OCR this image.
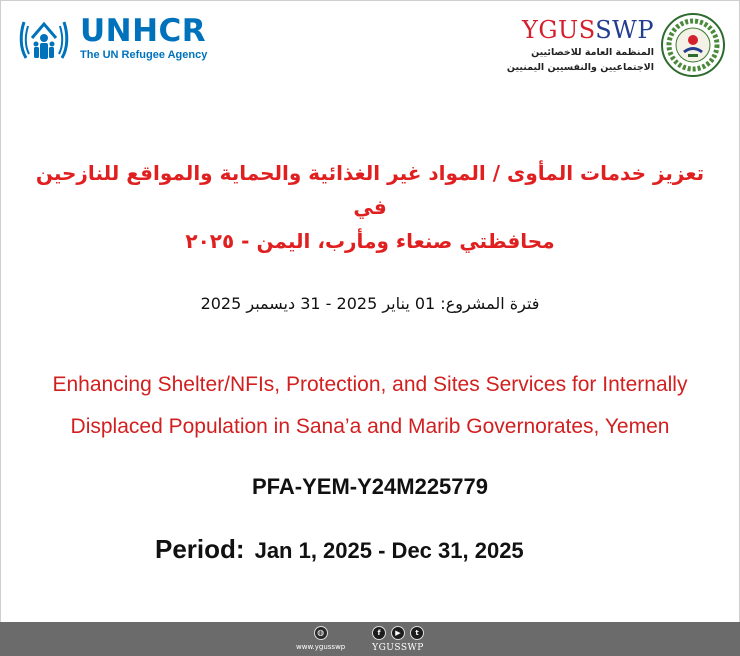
UNHCR
The UN Refugee Agency
YGUSSWP
المنظمة العامة للاخصائيين
الاجتماعيين والنفسيين اليمنيين
تعزيز خدمات المأوى / المواد غير الغذائية والحماية والمواقع للنازحين في
محافظتي صنعاء ومأرب، اليمن - ٢٠٢٥
فترة المشروع: 01 يناير 2025 - 31 ديسمبر 2025
Enhancing Shelter/NFIs, Protection, and Sites Services for Internally
Displaced Population in Sana’a and Marib Governorates, Yemen
PFA-YEM-Y24M225779
Period: Jan 1, 2025 - Dec 31, 2025
◍
www.ygusswp
f	▶	t
YGUSSWP
